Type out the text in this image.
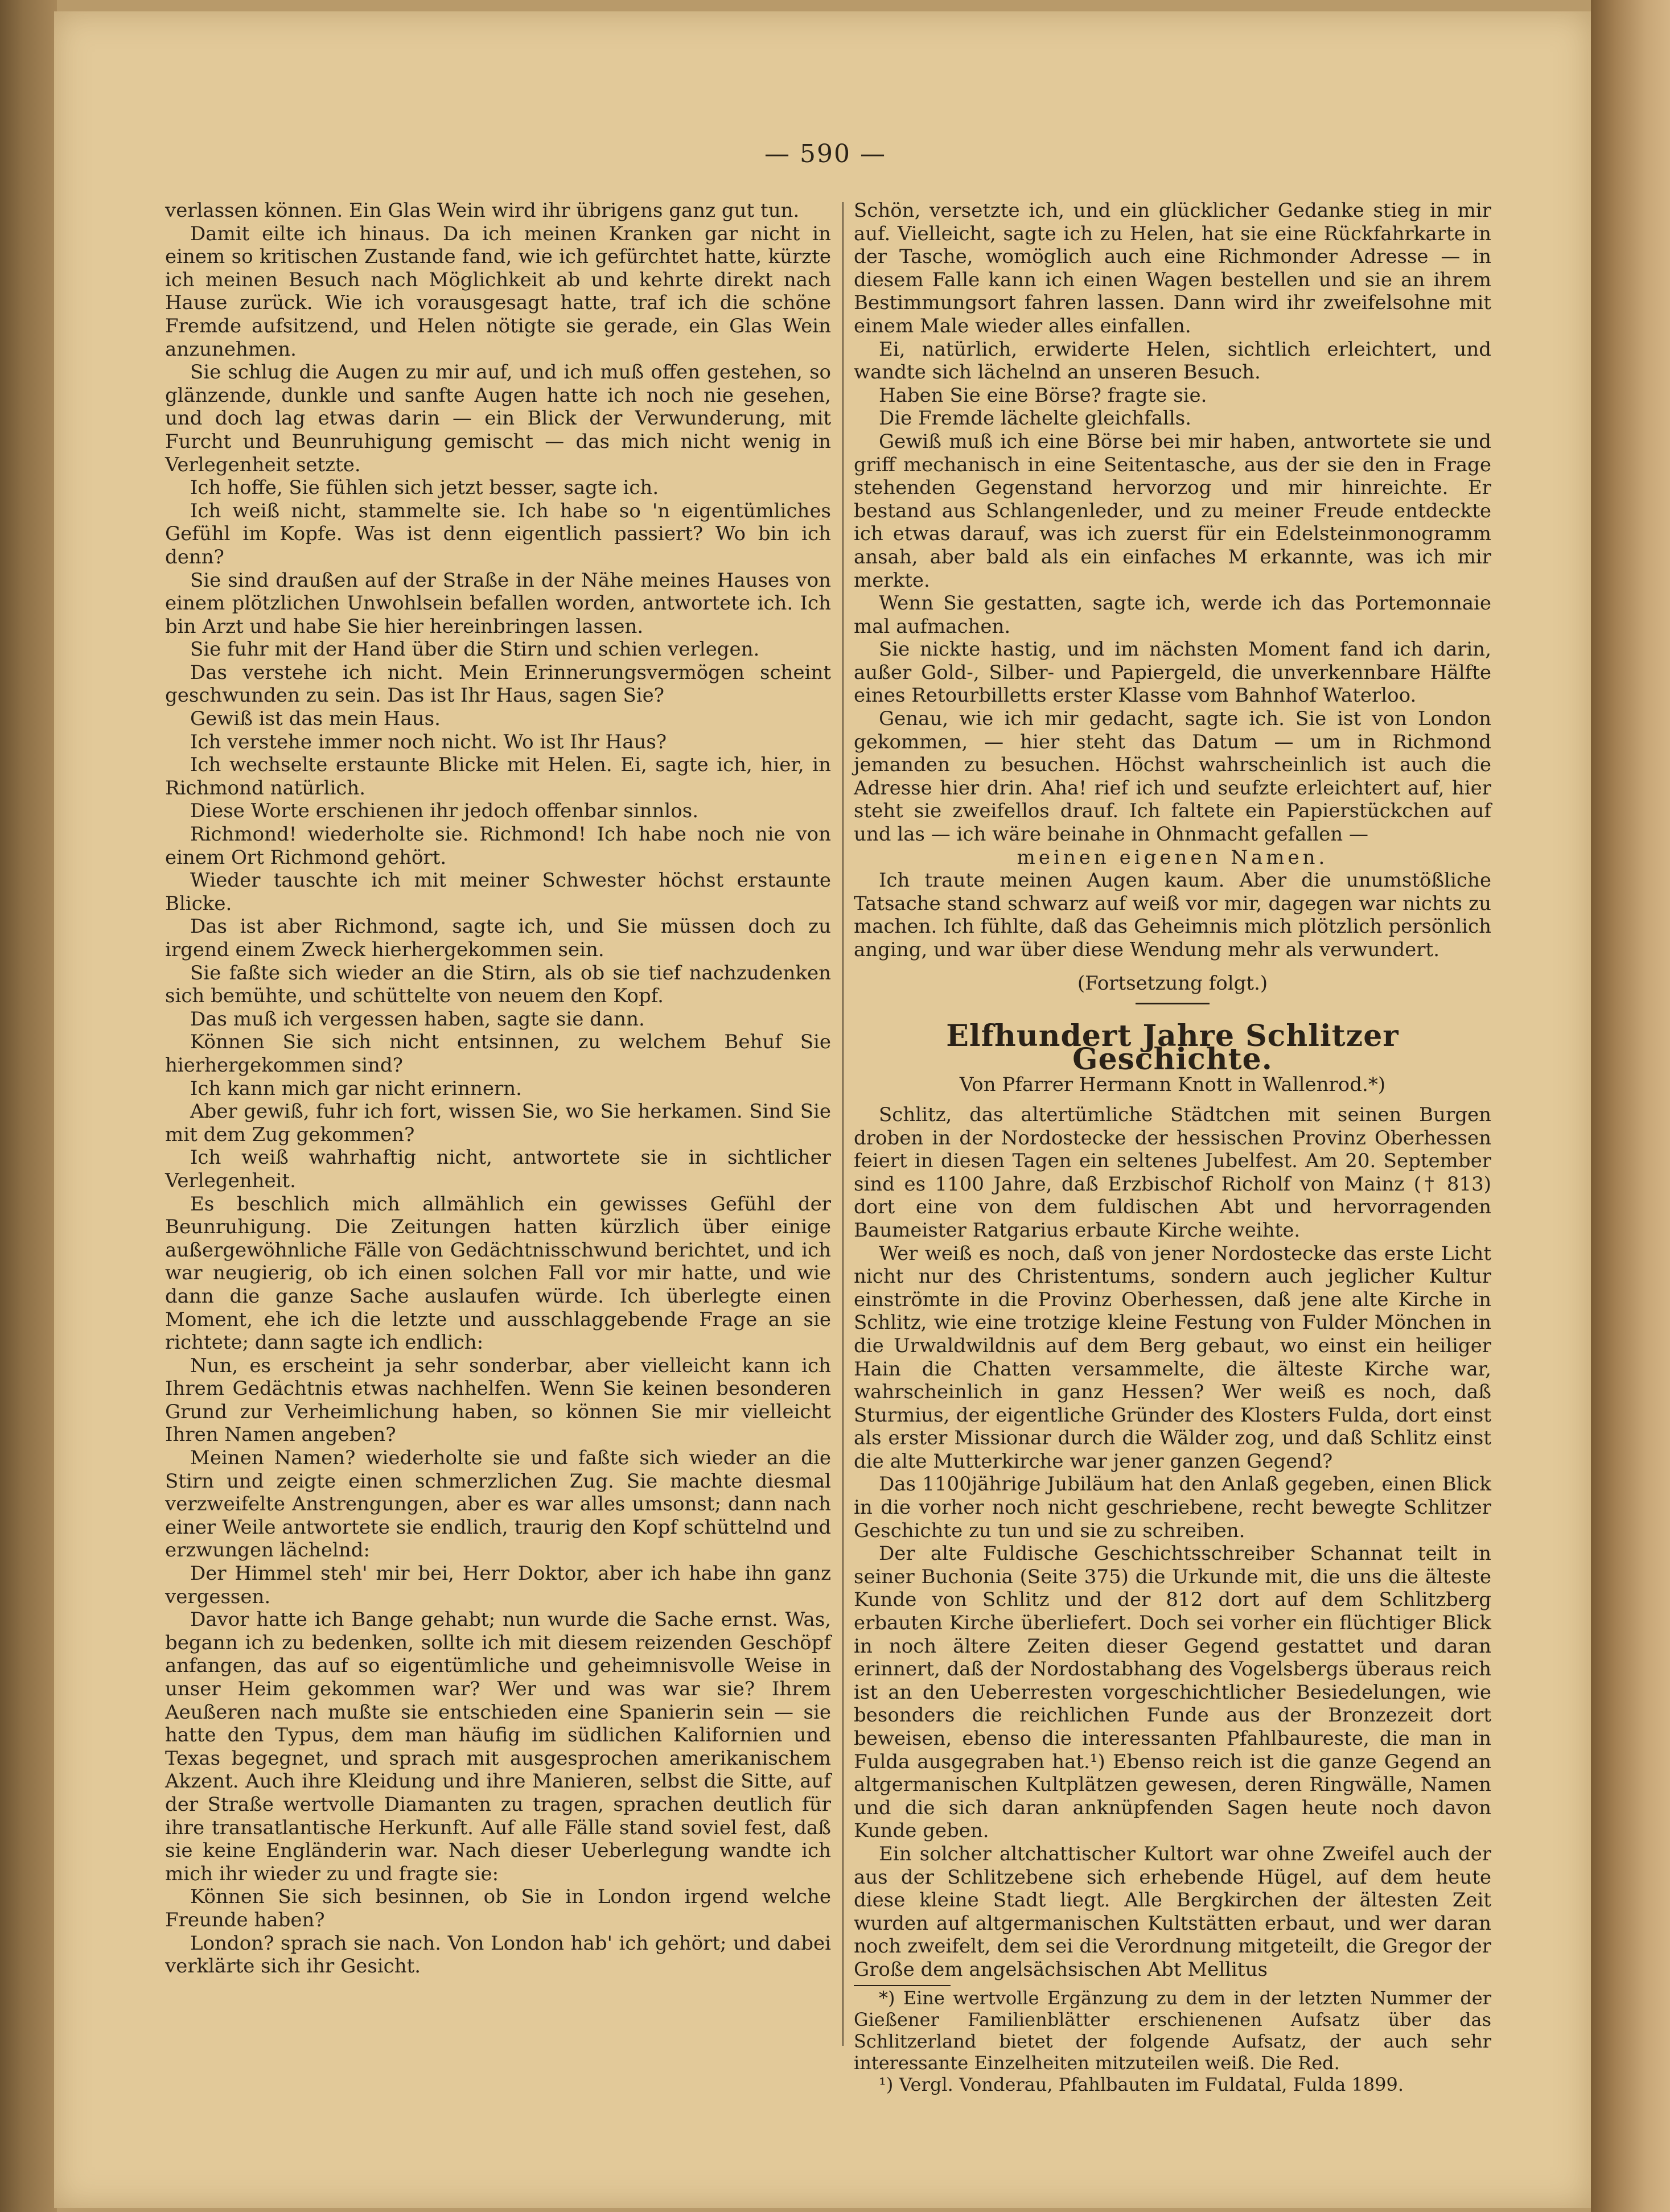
— 590 —

verlassen können. Ein Glas Wein wird ihr übrigens ganz gut tun.

Damit eilte ich hinaus. Da ich meinen Kranken gar nicht in einem so kritischen Zustande fand, wie ich gefürchtet hatte, kürzte ich meinen Besuch nach Möglichkeit ab und kehrte direkt nach Hause zurück. Wie ich vorausgesagt hatte, traf ich die schöne Fremde aufsitzend, und Helen nötigte sie gerade, ein Glas Wein anzunehmen.

Sie schlug die Augen zu mir auf, und ich muß offen gestehen, so glänzende, dunkle und sanfte Augen hatte ich noch nie gesehen, und doch lag etwas darin — ein Blick der Verwunderung, mit Furcht und Beunruhigung gemischt — das mich nicht wenig in Verlegenheit setzte.

Ich hoffe, Sie fühlen sich jetzt besser, sagte ich.

Ich weiß nicht, stammelte sie. Ich habe so 'n eigentümliches Gefühl im Kopfe. Was ist denn eigentlich passiert? Wo bin ich denn?

Sie sind draußen auf der Straße in der Nähe meines Hauses von einem plötzlichen Unwohlsein befallen worden, antwortete ich. Ich bin Arzt und habe Sie hier hereinbringen lassen.

Sie fuhr mit der Hand über die Stirn und schien verlegen.

Das verstehe ich nicht. Mein Erinnerungsvermögen scheint geschwunden zu sein. Das ist Ihr Haus, sagen Sie?

Gewiß ist das mein Haus.

Ich verstehe immer noch nicht. Wo ist Ihr Haus?

Ich wechselte erstaunte Blicke mit Helen. Ei, sagte ich, hier, in Richmond natürlich.

Diese Worte erschienen ihr jedoch offenbar sinnlos.

Richmond! wiederholte sie. Richmond! Ich habe noch nie von einem Ort Richmond gehört.

Wieder tauschte ich mit meiner Schwester höchst erstaunte Blicke.

Das ist aber Richmond, sagte ich, und Sie müssen doch zu irgend einem Zweck hierhergekommen sein.

Sie faßte sich wieder an die Stirn, als ob sie tief nachzudenken sich bemühte, und schüttelte von neuem den Kopf.

Das muß ich vergessen haben, sagte sie dann.

Können Sie sich nicht entsinnen, zu welchem Behuf Sie hierhergekommen sind?

Ich kann mich gar nicht erinnern.

Aber gewiß, fuhr ich fort, wissen Sie, wo Sie herkamen. Sind Sie mit dem Zug gekommen?

Ich weiß wahrhaftig nicht, antwortete sie in sichtlicher Verlegenheit.

Es beschlich mich allmählich ein gewisses Gefühl der Beunruhigung. Die Zeitungen hatten kürzlich über einige außergewöhnliche Fälle von Gedächtnisschwund berichtet, und ich war neugierig, ob ich einen solchen Fall vor mir hatte, und wie dann die ganze Sache auslaufen würde. Ich überlegte einen Moment, ehe ich die letzte und ausschlaggebende Frage an sie richtete; dann sagte ich endlich:

Nun, es erscheint ja sehr sonderbar, aber vielleicht kann ich Ihrem Gedächtnis etwas nachhelfen. Wenn Sie keinen besonderen Grund zur Verheimlichung haben, so können Sie mir vielleicht Ihren Namen angeben?

Meinen Namen? wiederholte sie und faßte sich wieder an die Stirn und zeigte einen schmerzlichen Zug. Sie machte diesmal verzweifelte Anstrengungen, aber es war alles umsonst; dann nach einer Weile antwortete sie endlich, traurig den Kopf schüttelnd und erzwungen lächelnd:

Der Himmel steh' mir bei, Herr Doktor, aber ich habe ihn ganz vergessen.

Davor hatte ich Bange gehabt; nun wurde die Sache ernst. Was, begann ich zu bedenken, sollte ich mit diesem reizenden Geschöpf anfangen, das auf so eigentümliche und geheimnisvolle Weise in unser Heim gekommen war? Wer und was war sie? Ihrem Aeußeren nach mußte sie entschieden eine Spanierin sein — sie hatte den Typus, dem man häufig im südlichen Kalifornien und Texas begegnet, und sprach mit ausgesprochen amerikanischem Akzent. Auch ihre Kleidung und ihre Manieren, selbst die Sitte, auf der Straße wertvolle Diamanten zu tragen, sprachen deutlich für ihre transatlantische Herkunft. Auf alle Fälle stand soviel fest, daß sie keine Engländerin war. Nach dieser Ueberlegung wandte ich mich ihr wieder zu und fragte sie:

Können Sie sich besinnen, ob Sie in London irgend welche Freunde haben?

London? sprach sie nach. Von London hab' ich gehört; und dabei verklärte sich ihr Gesicht.

Schön, versetzte ich, und ein glücklicher Gedanke stieg in mir auf. Vielleicht, sagte ich zu Helen, hat sie eine Rückfahrkarte in der Tasche, womöglich auch eine Richmonder Adresse — in diesem Falle kann ich einen Wagen bestellen und sie an ihrem Bestimmungsort fahren lassen. Dann wird ihr zweifelsohne mit einem Male wieder alles einfallen.

Ei, natürlich, erwiderte Helen, sichtlich erleichtert, und wandte sich lächelnd an unseren Besuch.

Haben Sie eine Börse? fragte sie.

Die Fremde lächelte gleichfalls.

Gewiß muß ich eine Börse bei mir haben, antwortete sie und griff mechanisch in eine Seitentasche, aus der sie den in Frage stehenden Gegenstand hervorzog und mir hinreichte. Er bestand aus Schlangenleder, und zu meiner Freude entdeckte ich etwas darauf, was ich zuerst für ein Edelsteinmonogramm ansah, aber bald als ein einfaches M erkannte, was ich mir merkte.

Wenn Sie gestatten, sagte ich, werde ich das Portemonnaie mal aufmachen.

Sie nickte hastig, und im nächsten Moment fand ich darin, außer Gold-, Silber- und Papiergeld, die unverkennbare Hälfte eines Retourbilletts erster Klasse vom Bahnhof Waterloo.

Genau, wie ich mir gedacht, sagte ich. Sie ist von London gekommen, — hier steht das Datum — um in Richmond jemanden zu besuchen. Höchst wahrscheinlich ist auch die Adresse hier drin. Aha! rief ich und seufzte erleichtert auf, hier steht sie zweifellos drauf. Ich faltete ein Papierstückchen auf und las — ich wäre beinahe in Ohnmacht gefallen —

meinen eigenen Namen.

Ich traute meinen Augen kaum. Aber die unumstößliche Tatsache stand schwarz auf weiß vor mir, dagegen war nichts zu machen. Ich fühlte, daß das Geheimnis mich plötzlich persönlich anging, und war über diese Wendung mehr als verwundert.

(Fortsetzung folgt.)

Elfhundert Jahre Schlitzer Geschichte.
Von Pfarrer Hermann Knott in Wallenrod.*)

Schlitz, das altertümliche Städtchen mit seinen Burgen droben in der Nordostecke der hessischen Provinz Oberhessen feiert in diesen Tagen ein seltenes Jubelfest. Am 20. September sind es 1100 Jahre, daß Erzbischof Richolf von Mainz († 813) dort eine von dem fuldischen Abt und hervorragenden Baumeister Ratgarius erbaute Kirche weihte.

Wer weiß es noch, daß von jener Nordostecke das erste Licht nicht nur des Christentums, sondern auch jeglicher Kultur einströmte in die Provinz Oberhessen, daß jene alte Kirche in Schlitz, wie eine trotzige kleine Festung von Fulder Mönchen in die Urwaldwildnis auf dem Berg gebaut, wo einst ein heiliger Hain die Chatten versammelte, die älteste Kirche war, wahrscheinlich in ganz Hessen? Wer weiß es noch, daß Sturmius, der eigentliche Gründer des Klosters Fulda, dort einst als erster Missionar durch die Wälder zog, und daß Schlitz einst die alte Mutterkirche war jener ganzen Gegend?

Das 1100jährige Jubiläum hat den Anlaß gegeben, einen Blick in die vorher noch nicht geschriebene, recht bewegte Schlitzer Geschichte zu tun und sie zu schreiben.

Der alte Fuldische Geschichtsschreiber Schannat teilt in seiner Buchonia (Seite 375) die Urkunde mit, die uns die älteste Kunde von Schlitz und der 812 dort auf dem Schlitzberg erbauten Kirche überliefert. Doch sei vorher ein flüchtiger Blick in noch ältere Zeiten dieser Gegend gestattet und daran erinnert, daß der Nordostabhang des Vogelsbergs überaus reich ist an den Ueberresten vorgeschichtlicher Besiedelungen, wie besonders die reichlichen Funde aus der Bronzezeit dort beweisen, ebenso die interessanten Pfahlbaureste, die man in Fulda ausgegraben hat.¹) Ebenso reich ist die ganze Gegend an altgermanischen Kultplätzen gewesen, deren Ringwälle, Namen und die sich daran anknüpfenden Sagen heute noch davon Kunde geben.

Ein solcher altchattischer Kultort war ohne Zweifel auch der aus der Schlitzebene sich erhebende Hügel, auf dem heute diese kleine Stadt liegt. Alle Bergkirchen der ältesten Zeit wurden auf altgermanischen Kultstätten erbaut, und wer daran noch zweifelt, dem sei die Verordnung mitgeteilt, die Gregor der Große dem angelsächsischen Abt Mellitus

*) Eine wertvolle Ergänzung zu dem in der letzten Nummer der Gießener Familienblätter erschienenen Aufsatz über das Schlitzerland bietet der folgende Aufsatz, der auch sehr interessante Einzelheiten mitzuteilen weiß. Die Red.

¹) Vergl. Vonderau, Pfahlbauten im Fuldatal, Fulda 1899.
